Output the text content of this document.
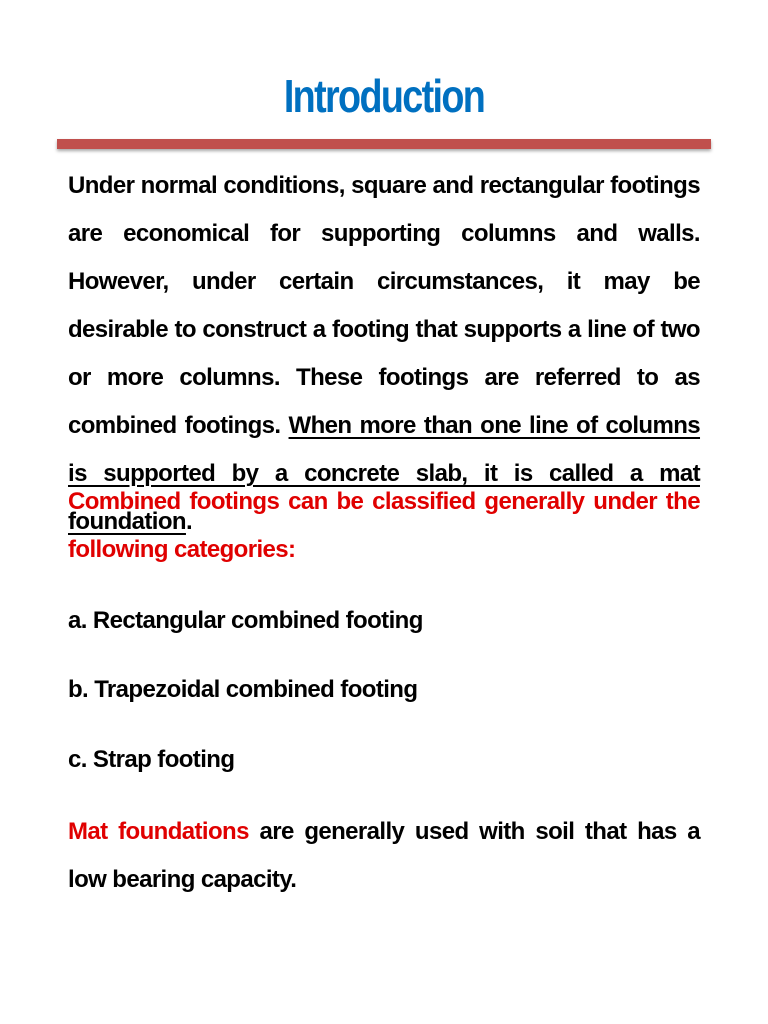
Introduction
Under normal conditions, square and rectangular footings are economical for supporting columns and walls. However, under certain circumstances, it may be desirable to construct a footing that supports a line of two or more columns. These footings are referred to as combined footings. When more than one line of columns is supported by a concrete slab, it is called a mat foundation.
Combined footings can be classified generally under the following categories:
a. Rectangular combined footing
b. Trapezoidal combined footing
c. Strap footing
Mat foundations are generally used with soil that has a low bearing capacity.
